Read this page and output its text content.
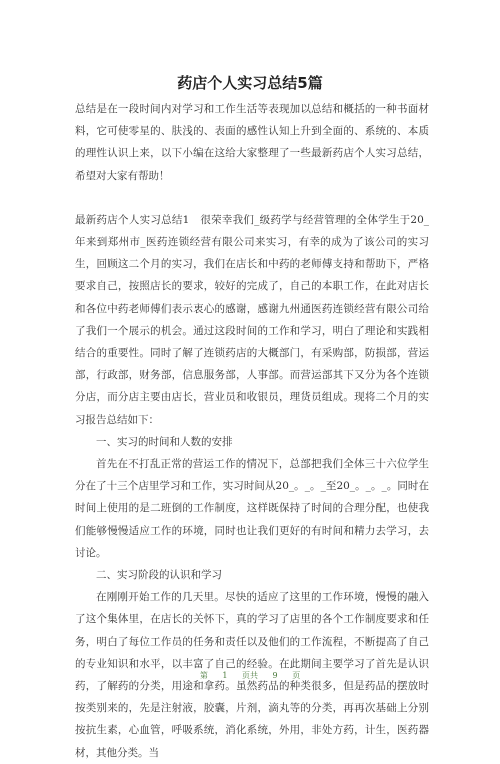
药店个人实习总结5篇

总结是在一段时间内对学习和工作生活等表现加以总结和概括的一种书面材料，它可使零星的、肤浅的、表面的感性认知上升到全面的、系统的、本质的理性认识上来，以下小编在这给大家整理了一些最新药店个人实习总结，希望对大家有帮助！

最新药店个人实习总结1　很荣幸我们_级药学与经营管理的全体学生于20_年来到郑州市_医药连锁经营有限公司来实习，有幸的成为了该公司的实习生，回顾这二个月的实习，我们在店长和中药的老师傅支持和帮助下，严格要求自己，按照店长的要求，较好的完成了，自己的本职工作，在此对店长和各位中药老师傅们表示衷心的感谢，感谢九州通医药连锁经营有限公司给了我们一个展示的机会。通过这段时间的工作和学习，明白了理论和实践相结合的重要性。同时了解了连锁药店的大概部门，有采购部，防损部，营运部，行政部，财务部，信息服务部，人事部。而营运部其下又分为各个连锁分店，而分店主要由店长，营业员和收银员，理货员组成。现将二个月的实习报告总结如下：

一、实习的时间和人数的安排

首先在不打乱正常的营运工作的情况下，总部把我们全体三十六位学生分在了十三个店里学习和工作，实习时间从20_。_。_至20_。_。_。同时在时间上使用的是二班倒的工作制度，这样既保持了时间的合理分配，也使我们能够慢慢适应工作的环境，同时也让我们更好的有时间和精力去学习，去讨论。

二、实习阶段的认识和学习

在刚刚开始工作的几天里。尽快的适应了这里的工作环境，慢慢的融入了这个集体里，在店长的关怀下，真的学习了店里的各个工作制度要求和任务，明白了每位工作员的任务和责任以及他们的工作流程，不断提高了自己的专业知识和水平，以丰富了自己的经验。在此期间主要学习了首先是认识药，了解药的分类，用途和拿药。虽然药品的种类很多，但是药品的摆放时按类别来的，先是注射液，胶囊，片剂，滴丸等的分类，再再次基础上分别按抗生素，心血管，呼吸系统，消化系统，外用，非处方药，计生，医药器材，其他分类。当

第 1 页共 9 页
